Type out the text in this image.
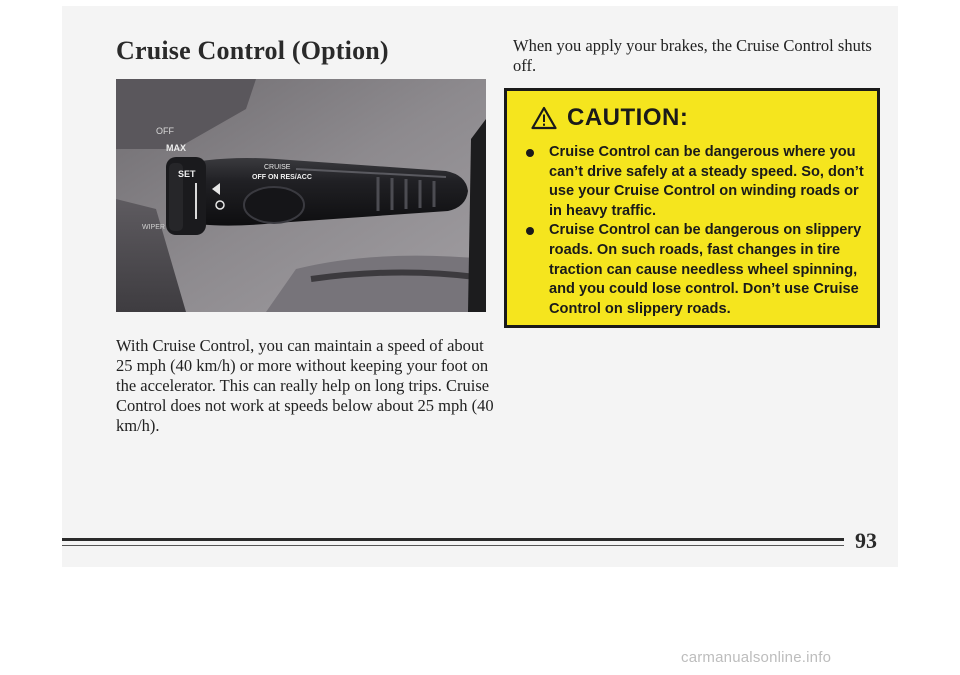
Cruise Control (Option)
OFF
MAX
SET
CRUISE
OFF ON RES/ACC
WIPER

With Cruise Control, you can maintain a speed of about 25 mph (40 km/h) or more without keeping your foot on the accelerator. This can really help on long trips. Cruise Control does not work at speeds below about 25 mph (40 km/h).

When you apply your brakes, the Cruise Control shuts off.

CAUTION:
Cruise Control can be dangerous where you can’t drive safely at a steady speed. So, don’t use your Cruise Control on winding roads or in heavy traffic.
Cruise Control can be dangerous on slippery roads. On such roads, fast changes in tire traction can cause needless wheel spinning, and you could lose control. Don’t use Cruise Control on slippery roads.
93
carmanualsonline.info
